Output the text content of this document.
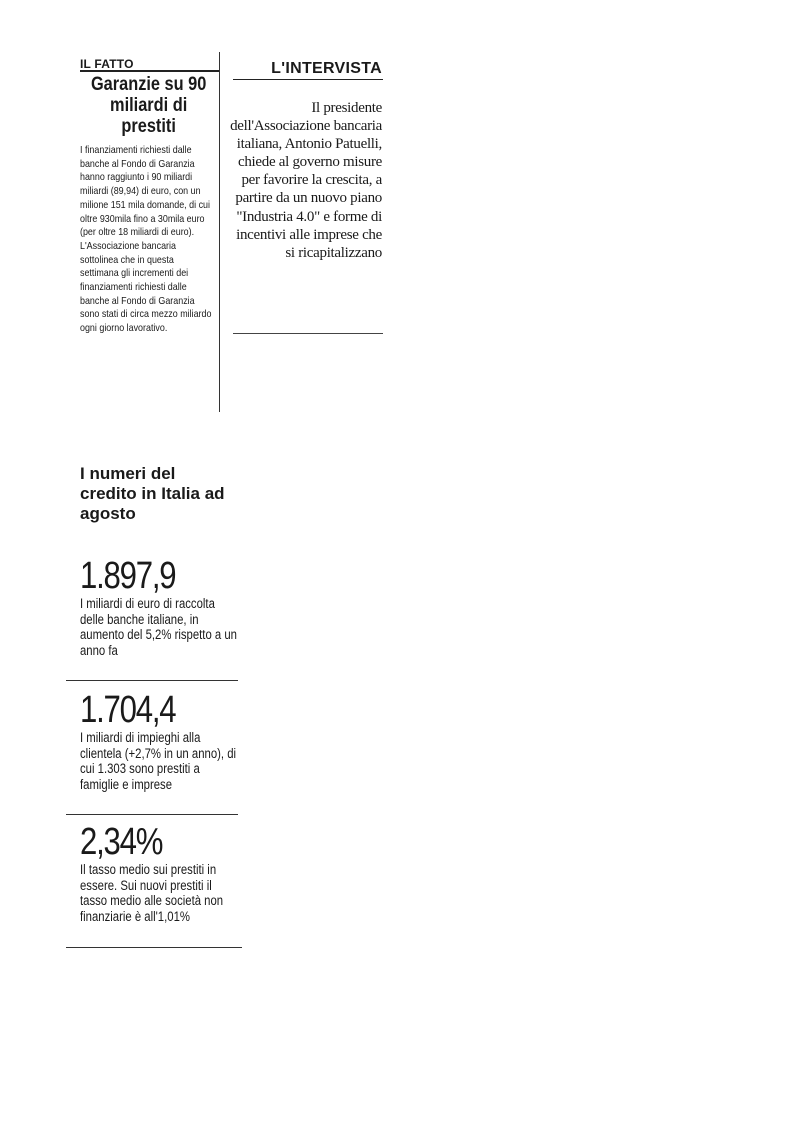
IL FATTO
Garanzie su 90 miliardi di prestiti

I finanziamenti richiesti dalle banche al Fondo di Garanzia hanno raggiunto i 90 miliardi miliardi (89,94) di euro, con un milione 151 mila domande, di cui oltre 930mila fino a 30mila euro (per oltre 18 miliardi di euro). L'Associazione bancaria sottolinea che in questa settimana gli incrementi dei finanziamenti richiesti dalle banche al Fondo di Garanzia sono stati di circa mezzo miliardo ogni giorno lavorativo.

L'INTERVISTA

Il presidente dell'Associazione bancaria italiana, Antonio Patuelli, chiede al governo misure per favorire la crescita, a partire da un nuovo piano "Industria 4.0" e forme di incentivi alle imprese che si ricapitalizzano

I numeri del credito in Italia ad agosto
1.897,9
I miliardi di euro di raccolta delle banche italiane, in aumento del 5,2% rispetto a un anno fa
1.704,4
I miliardi di impieghi alla clientela (+2,7% in un anno), di cui 1.303 sono prestiti a famiglie e imprese
2,34%
Il tasso medio sui prestiti in essere. Sui nuovi prestiti il tasso medio alle società non finanziarie è all'1,01%
